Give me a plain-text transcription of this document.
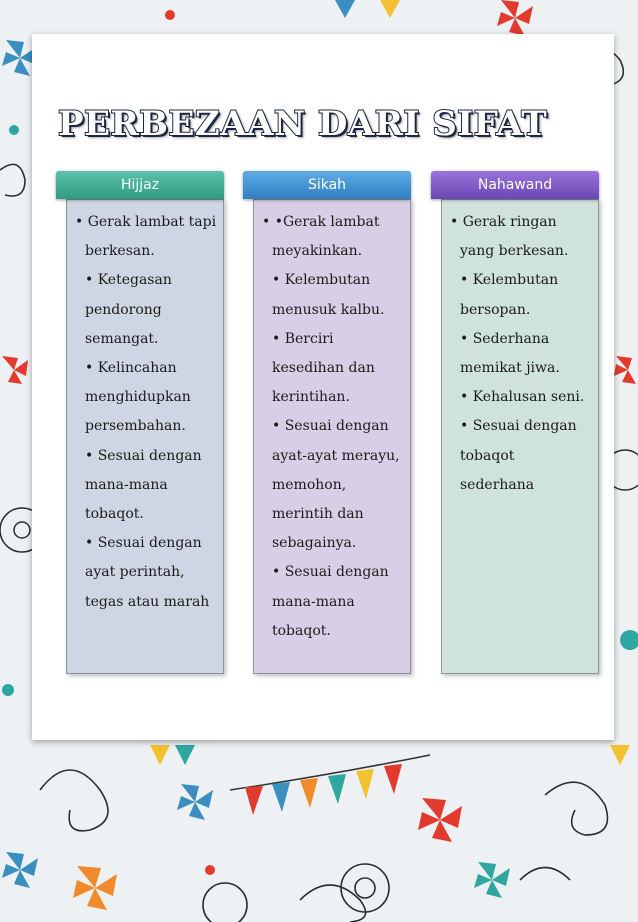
PERBEZAAN DARI SIFAT
Hijjaz
• Gerak lambat tapi
berkesan.
• Ketegasan
pendorong
semangat.
• Kelincahan
menghidupkan
persembahan.
• Sesuai dengan
mana-mana
tobaqot.
• Sesuai dengan
ayat perintah,
tegas atau marah
Sikah
• •Gerak lambat
meyakinkan.
• Kelembutan
menusuk kalbu.
• Berciri
kesedihan dan
kerintihan.
• Sesuai dengan
ayat-ayat merayu,
memohon,
merintih dan
sebagainya.
• Sesuai dengan
mana-mana
tobaqot.
Nahawand
• Gerak ringan
yang berkesan.
• Kelembutan
bersopan.
• Sederhana
memikat jiwa.
• Kehalusan seni.
• Sesuai dengan
tobaqot
sederhana
